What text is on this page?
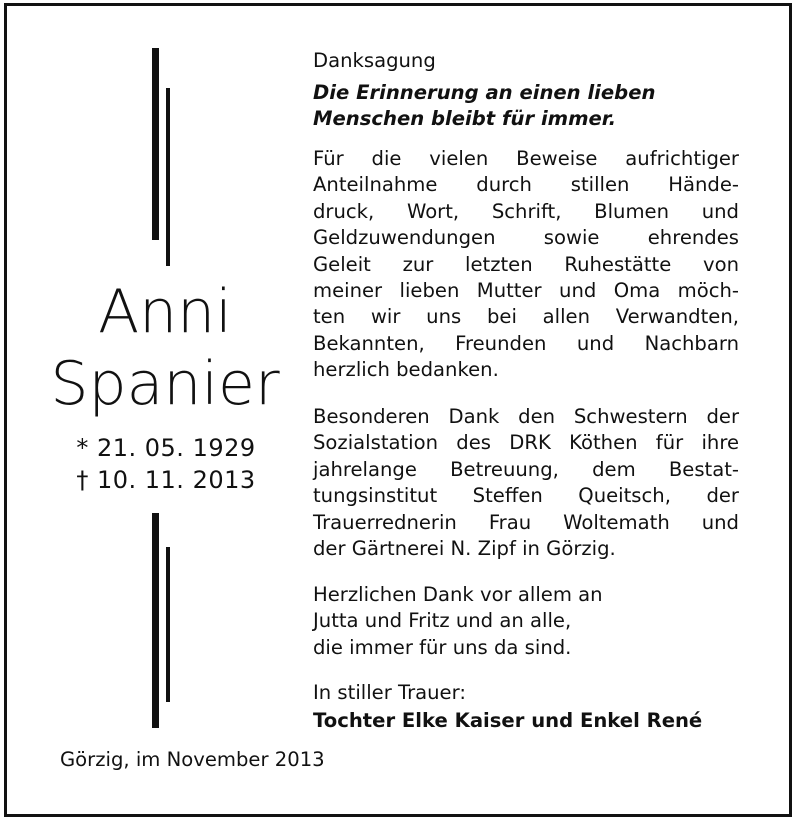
Anni
Spanier
* 21. 05. 1929
† 10. 11. 2013
Danksagung
Die Erinnerung an einen lieben
Menschen bleibt für immer.
Für die vielen Beweise aufrichtiger
Anteilnahme durch stillen Hände-
druck, Wort, Schrift, Blumen und
Geldzuwendungen sowie ehrendes
Geleit zur letzten Ruhestätte von
meiner lieben Mutter und Oma möch-
ten wir uns bei allen Verwandten,
Bekannten, Freunden und Nachbarn
herzlich bedanken.
Besonderen Dank den Schwestern der
Sozialstation des DRK Köthen für ihre
jahrelange Betreuung, dem Bestat-
tungsinstitut Steffen Queitsch, der
Trauerrednerin Frau Woltemath und
der Gärtnerei N. Zipf in Görzig.
Herzlichen Dank vor allem an
Jutta und Fritz und an alle,
die immer für uns da sind.
In stiller Trauer:
Tochter Elke Kaiser und Enkel René
Görzig, im November 2013
